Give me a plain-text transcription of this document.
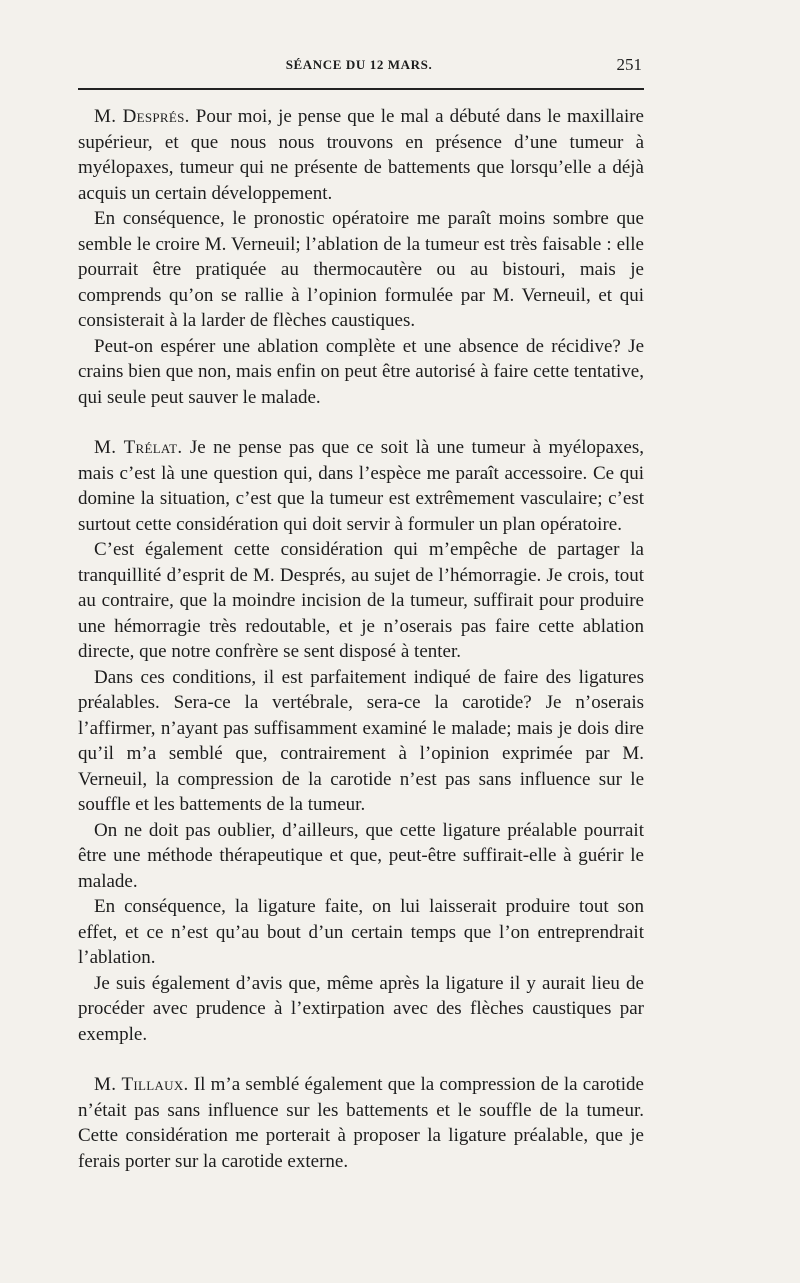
SÉANCE DU 12 MARS.	251

M. Després. Pour moi, je pense que le mal a débuté dans le maxillaire supérieur, et que nous nous trouvons en présence d’une tumeur à myélopaxes, tumeur qui ne présente de battements que lorsqu’elle a déjà acquis un certain développement.

En conséquence, le pronostic opératoire me paraît moins sombre que semble le croire M. Verneuil; l’ablation de la tumeur est très faisable : elle pourrait être pratiquée au thermocautère ou au bistouri, mais je comprends qu’on se rallie à l’opinion formulée par M. Verneuil, et qui consisterait à la larder de flèches caustiques.

Peut-on espérer une ablation complète et une absence de récidive? Je crains bien que non, mais enfin on peut être autorisé à faire cette tentative, qui seule peut sauver le malade.

M. Trélat. Je ne pense pas que ce soit là une tumeur à myélopaxes, mais c’est là une question qui, dans l’espèce me paraît accessoire. Ce qui domine la situation, c’est que la tumeur est extrêmement vasculaire; c’est surtout cette considération qui doit servir à formuler un plan opératoire.

C’est également cette considération qui m’empêche de partager la tranquillité d’esprit de M. Després, au sujet de l’hémorragie. Je crois, tout au contraire, que la moindre incision de la tumeur, suffirait pour produire une hémorragie très redoutable, et je n’oserais pas faire cette ablation directe, que notre confrère se sent disposé à tenter.

Dans ces conditions, il est parfaitement indiqué de faire des ligatures préalables. Sera-ce la vertébrale, sera-ce la carotide? Je n’oserais l’affirmer, n’ayant pas suffisamment examiné le malade; mais je dois dire qu’il m’a semblé que, contrairement à l’opinion exprimée par M. Verneuil, la compression de la carotide n’est pas sans influence sur le souffle et les battements de la tumeur.

On ne doit pas oublier, d’ailleurs, que cette ligature préalable pourrait être une méthode thérapeutique et que, peut-être suffirait-elle à guérir le malade.

En conséquence, la ligature faite, on lui laisserait produire tout son effet, et ce n’est qu’au bout d’un certain temps que l’on entreprendrait l’ablation.

Je suis également d’avis que, même après la ligature il y aurait lieu de procéder avec prudence à l’extirpation avec des flèches caustiques par exemple.

M. Tillaux. Il m’a semblé également que la compression de la carotide n’était pas sans influence sur les battements et le souffle de la tumeur. Cette considération me porterait à proposer la ligature préalable, que je ferais porter sur la carotide externe.
